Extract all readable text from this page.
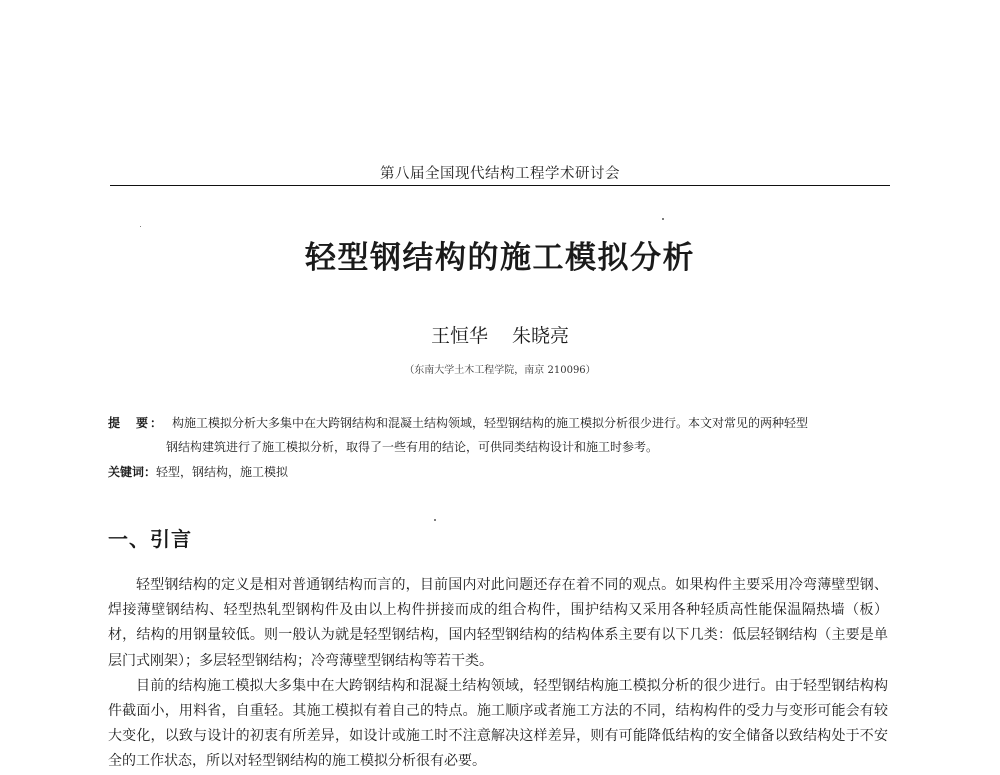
第八届全国现代结构工程学术研讨会
轻型钢结构的施工模拟分析
王恒华 朱晓亮
（东南大学土木工程学院，南京 210096）
提　要： 构施工模拟分析大多集中在大跨钢结构和混凝土结构领域，轻型钢结构的施工模拟分析很少进行。本文对常见的两种轻型
钢结构建筑进行了施工模拟分析，取得了一些有用的结论，可供同类结构设计和施工时参考。
关键词：轻型，钢结构，施工模拟
一、引言

轻型钢结构的定义是相对普通钢结构而言的，目前国内对此问题还存在着不同的观点。如果构件主要采用冷弯薄壁型钢、焊接薄壁钢结构、轻型热轧型钢构件及由以上构件拼接而成的组合构件，围护结构又采用各种轻质高性能保温隔热墙（板）材，结构的用钢量较低。则一般认为就是轻型钢结构，国内轻型钢结构的结构体系主要有以下几类：低层轻钢结构（主要是单层门式刚架）；多层轻型钢结构；冷弯薄壁型钢结构等若干类。

目前的结构施工模拟大多集中在大跨钢结构和混凝土结构领域，轻型钢结构施工模拟分析的很少进行。由于轻型钢结构构件截面小，用料省，自重轻。其施工模拟有着自己的特点。施工顺序或者施工方法的不同，结构构件的受力与变形可能会有较大变化，以致与设计的初衷有所差异，如设计或施工时不注意解决这样差异，则有可能降低结构的安全储备以致结构处于不安全的工作状态，所以对轻型钢结构的施工模拟分析很有必要。
